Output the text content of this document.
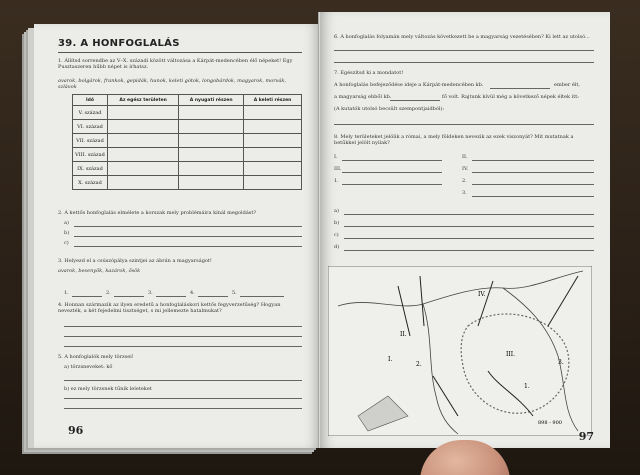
39. A HONFOGLALÁS
1. Állítsd sorrendbe az V–X. századi között változása a Kárpát-medencében élő népeket! Egy Pusztaszeren hűbb népet is írhatsz.
avarok, bolgárok, frankok, gepidák, hunok, keleti gótok, longobárdok, magyarok, morvák, szlávok
Idő	Az egész területen	A nyugati részen	A keleti részen
V. század			
VI. század			
VII. század			
VIII. század			
IX. század			
X. század			
2. A kettős honfoglalás elmélete a korszak mely problémáira kínál megoldást?
a)
b)
c)
3. Helyezd el a csúszópálya szintjei az ábrán a magyarságot!
avarok, besenyők, kazárok, ősök
1.	2.	3.	4.	5.
4. Honnan származik az ilyen eredetű a honfoglaláskori kettős fegyverzetűség? Hogyan nevezték, a két fejedelmi tisztséget, s mi jellemezte hatalmukat?
5. A honfoglalók mely törzsei!
a) törzsneveket: kő
b) ez mely törzsnek tűnik leleteket
96
6. A honfoglalás folyamán mely változás következett be a magyarság vezetésében? Ki lett az utolsó...
7. Egészítsd ki a mondatot!
A honfoglalás befejeződése ideje a Kárpát-medencében kb.	ember élt,
a magyarság ebből kb.	fő volt. Rajtunk kívül még a következő népek éltek itt:
(A kutatók utolsó becsült szempontjaidból):
8. Mely területeket jelölik a római, a mely földeken nevezik az ezek viszonyát? Mit mutatnak a betűkkel jelölt nyilak?
I.	II.
III.	IV.
1.	2.
3.
a)
b)
c)
d)
I.
II.
III.
IV.
1.
2.	3.
898 - 900
97
